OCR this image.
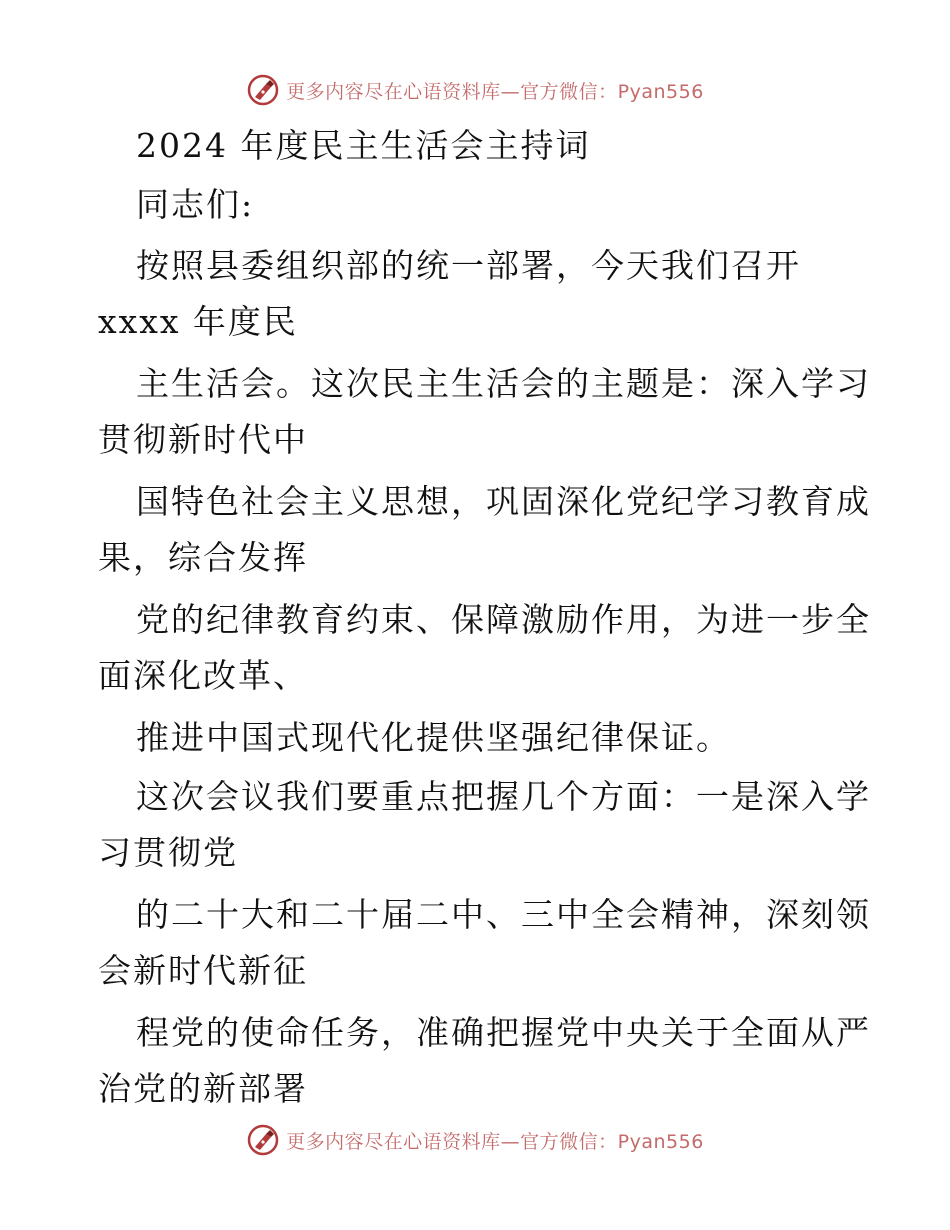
更多内容尽在心语资料库—官方微信：Pyan556
2024 年度民主生活会主持词
同志们:
按照县委组织部的统一部署，今天我们召开
xxxx 年度民
主生活会。这次民主生活会的主题是：深入学习
贯彻新时代中
国特色社会主义思想，巩固深化党纪学习教育成
果，综合发挥
党的纪律教育约束、保障激励作用，为进一步全
面深化改革、
推进中国式现代化提供坚强纪律保证。
这次会议我们要重点把握几个方面：一是深入学
习贯彻党
的二十大和二十届二中、三中全会精神，深刻领
会新时代新征
程党的使命任务，准确把握党中央关于全面从严
治党的新部署
更多内容尽在心语资料库—官方微信：Pyan556
